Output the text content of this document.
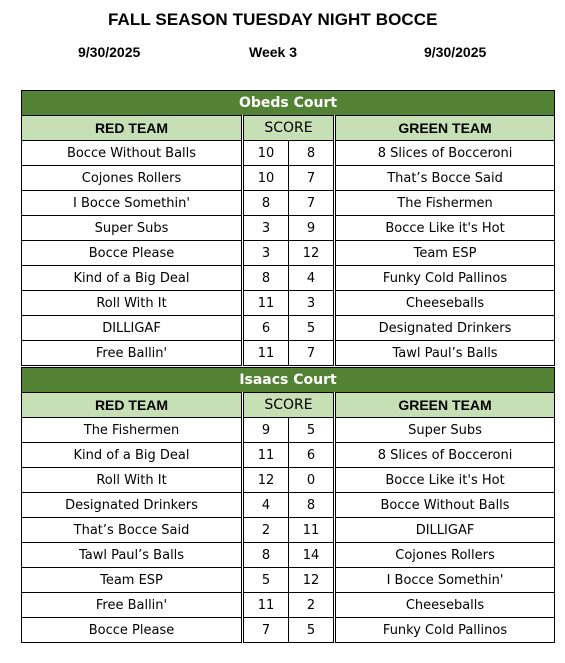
FALL SEASON TUESDAY NIGHT BOCCE
9/30/2025	Week 3	9/30/2025
Obeds Court			
RED TEAM	SCORE		GREEN TEAM
Bocce Without Balls	10	8	8 Slices of Bocceroni
Cojones Rollers	10	7	That’s Bocce Said
I Bocce Somethin'	8	7	The Fishermen
Super Subs	3	9	Bocce Like it's Hot
Bocce Please	3	12	Team ESP
Kind of a Big Deal	8	4	Funky Cold Pallinos
Roll With It	11	3	Cheeseballs
DILLIGAF	6	5	Designated Drinkers
Free Ballin'	11	7	Tawl Paul’s Balls
Isaacs Court			
RED TEAM	SCORE		GREEN TEAM
The Fishermen	9	5	Super Subs
Kind of a Big Deal	11	6	8 Slices of Bocceroni
Roll With It	12	0	Bocce Like it's Hot
Designated Drinkers	4	8	Bocce Without Balls
That’s Bocce Said	2	11	DILLIGAF
Tawl Paul’s Balls	8	14	Cojones Rollers
Team ESP	5	12	I Bocce Somethin'
Free Ballin'	11	2	Cheeseballs
Bocce Please	7	5	Funky Cold Pallinos
